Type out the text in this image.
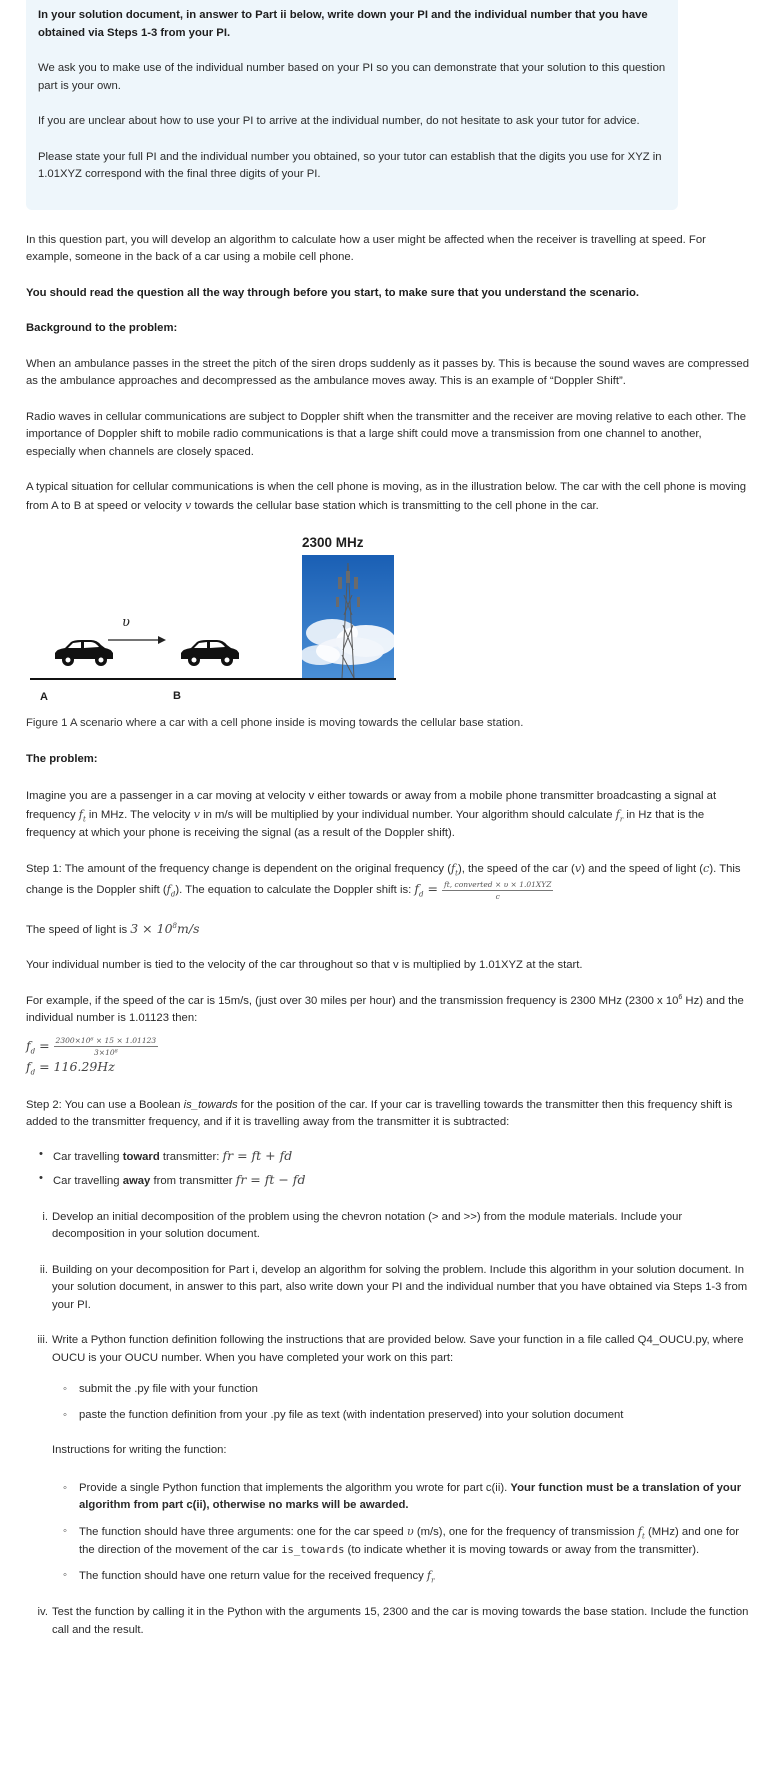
In your solution document, in answer to Part ii below, write down your PI and the individual number that you have obtained via Steps 1-3 from your PI.

We ask you to make use of the individual number based on your PI so you can demonstrate that your solution to this question part is your own.

If you are unclear about how to use your PI to arrive at the individual number, do not hesitate to ask your tutor for advice.

Please state your full PI and the individual number you obtained, so your tutor can establish that the digits you use for XYZ in 1.01XYZ correspond with the final three digits of your PI.

In this question part, you will develop an algorithm to calculate how a user might be affected when the receiver is travelling at speed. For example, someone in the back of a car using a mobile cell phone.

You should read the question all the way through before you start, to make sure that you understand the scenario.

Background to the problem:

When an ambulance passes in the street the pitch of the siren drops suddenly as it passes by. This is because the sound waves are compressed as the ambulance approaches and decompressed as the ambulance moves away. This is an example of “Doppler Shift”.

Radio waves in cellular communications are subject to Doppler shift when the transmitter and the receiver are moving relative to each other. The importance of Doppler shift to mobile radio communications is that a large shift could move a transmission from one channel to another, especially when channels are closely spaced.

A typical situation for cellular communications is when the cell phone is moving, as in the illustration below. The car with the cell phone is moving from A to B at speed or velocity v towards the cellular base station which is transmitting to the cell phone in the car.

2300 MHz
υ
A	B

Figure 1 A scenario where a car with a cell phone inside is moving towards the cellular base station.

The problem:

Imagine you are a passenger in a car moving at velocity v either towards or away from a mobile phone transmitter broadcasting a signal at frequency $f_t$ in MHz. The velocity v in m/s will be multiplied by your individual number. Your algorithm should calculate $f_r$ in Hz that is the frequency at which your phone is receiving the signal (as a result of the Doppler shift).

Step 1: The amount of the frequency change is dependent on the original frequency $(f_t)$, the speed of the car (v) and the speed of light (c). This change is the Doppler shift $(f_d)$. The equation to calculate the Doppler shift is: $f_d = \frac{\text{ft, converted × υ × 1.01XYZ}}{c}$

The speed of light is $3 \times 10^8m/s$

Your individual number is tied to the velocity of the car throughout so that v is multiplied by 1.01XYZ at the start.

For example, if the speed of the car is 15m/s, (just over 30 miles per hour) and the transmission frequency is 2300 MHz (2300 x $10^6$ Hz) and the individual number is 1.01123 then:

$f_d = \frac{\text{2300×10⁶ × 15 × 1.01123}}{\text{3×10⁸}}$
$f_d = 116.29Hz$

Step 2: You can use a Boolean is_towards for the position of the car. If your car is travelling towards the transmitter then this frequency shift is added to the transmitter frequency, and if it is travelling away from the transmitter it is subtracted:

• Car travelling toward transmitter: fr = ft + fd
• Car travelling away from transmitter fr = ft − fd
i. Develop an initial decomposition of the problem using the chevron notation (> and >>) from the module materials. Include your decomposition in your solution document.
ii. Building on your decomposition for Part i, develop an algorithm for solving the problem. Include this algorithm in your solution document. In your solution document, in answer to this part, also write down your PI and the individual number that you have obtained via Steps 1-3 from your PI.
iii. Write a Python function definition following the instructions that are provided below. Save your function in a file called Q4_OUCU.py, where OUCU is your OUCU number. When you have completed your work on this part:
◦ submit the .py file with your function
◦ paste the function definition from your .py file as text (with indentation preserved) into your solution document

Instructions for writing the function:

◦ Provide a single Python function that implements the algorithm you wrote for part c(ii). Your function must be a translation of your algorithm from part c(ii), otherwise no marks will be awarded.
◦ The function should have three arguments: one for the car speed υ (m/s), one for the frequency of transmission $f_t$ (MHz) and one for the direction of the movement of the car is_towards (to indicate whether it is moving towards or away from the transmitter).
◦ The function should have one return value for the received frequency $f_r$
iv. Test the function by calling it in the Python with the arguments 15, 2300 and the car is moving towards the base station. Include the function call and the result.
